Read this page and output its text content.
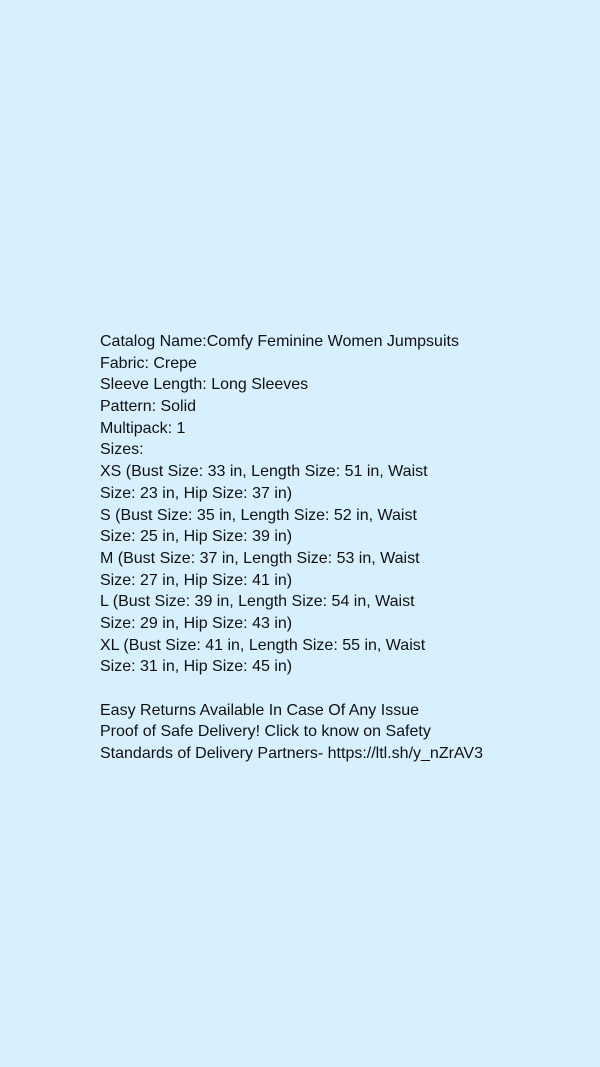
Catalog Name:Comfy Feminine Women Jumpsuits
Fabric: Crepe
Sleeve Length: Long Sleeves
Pattern: Solid
Multipack: 1
Sizes:
XS (Bust Size: 33 in, Length Size: 51 in, Waist
Size: 23 in, Hip Size: 37 in)
S (Bust Size: 35 in, Length Size: 52 in, Waist
Size: 25 in, Hip Size: 39 in)
M (Bust Size: 37 in, Length Size: 53 in, Waist
Size: 27 in, Hip Size: 41 in)
L (Bust Size: 39 in, Length Size: 54 in, Waist
Size: 29 in, Hip Size: 43 in)
XL (Bust Size: 41 in, Length Size: 55 in, Waist
Size: 31 in, Hip Size: 45 in)
Easy Returns Available In Case Of Any Issue
Proof of Safe Delivery! Click to know on Safety
Standards of Delivery Partners- https://ltl.sh/y_nZrAV3
